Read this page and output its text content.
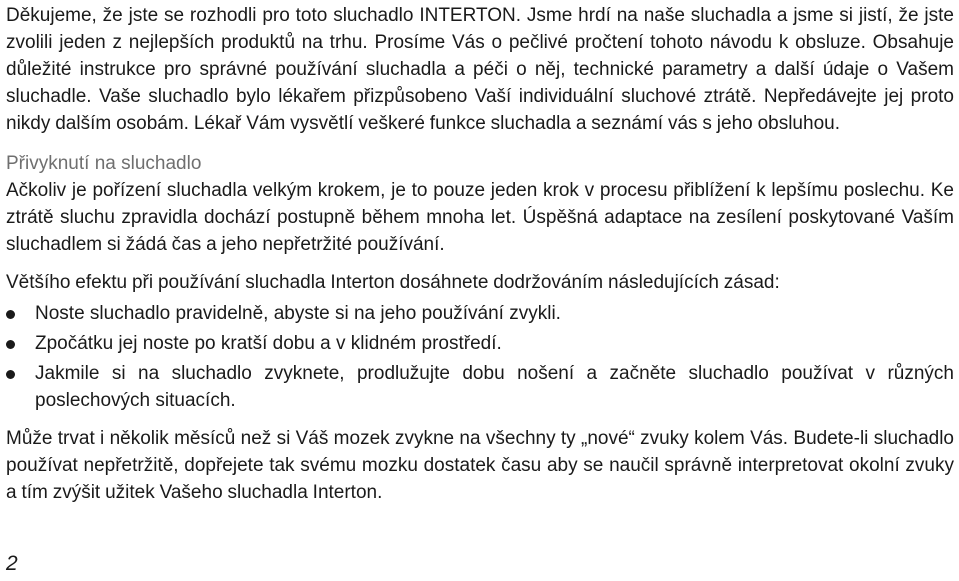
Děkujeme, že jste se rozhodli pro toto sluchadlo INTERTON. Jsme hrdí na naše sluchadla a jsme si jistí, že jste zvolili jeden z nejlepších produktů na trhu. Prosíme Vás o pečlivé pročtení tohoto návodu k obsluze. Obsahuje důležité instrukce pro správné používání sluchadla a péči o něj, technické parametry a další údaje o Vašem sluchadle. Vaše sluchadlo bylo lékařem přizpůsobeno Vaší individuální sluchové ztrátě. Nepředávejte jej proto nikdy dalším osobám. Lékař Vám vysvětlí veškeré funkce sluchadla a seznámí vás s jeho obsluhou.

Přivyknutí na sluchadlo

Ačkoliv je pořízení sluchadla velkým krokem, je to pouze jeden krok v procesu přiblížení k lepšímu poslechu. Ke ztrátě sluchu zpravidla dochází postupně během mnoha let. Úspěšná adaptace na zesílení poskytované Vaším sluchadlem si žádá čas a jeho nepřetržité používání.

Většího efektu při používání sluchadla Interton dosáhnete dodržováním následujících zásad:

Noste sluchadlo pravidelně, abyste si na jeho používání zvykli.
Zpočátku jej noste po kratší dobu a v klidném prostředí.
Jakmile si na sluchadlo zvyknete, prodlužujte dobu nošení a začněte sluchadlo používat v různých poslechových situacích.

Může trvat i několik měsíců než si Váš mozek zvykne na všechny ty „nové“ zvuky kolem Vás. Budete-li sluchadlo používat nepřetržitě, dopřejete tak svému mozku dostatek času aby se naučil správně interpretovat okolní zvuky a tím zvýšit užitek Vašeho sluchadla Interton.

2
